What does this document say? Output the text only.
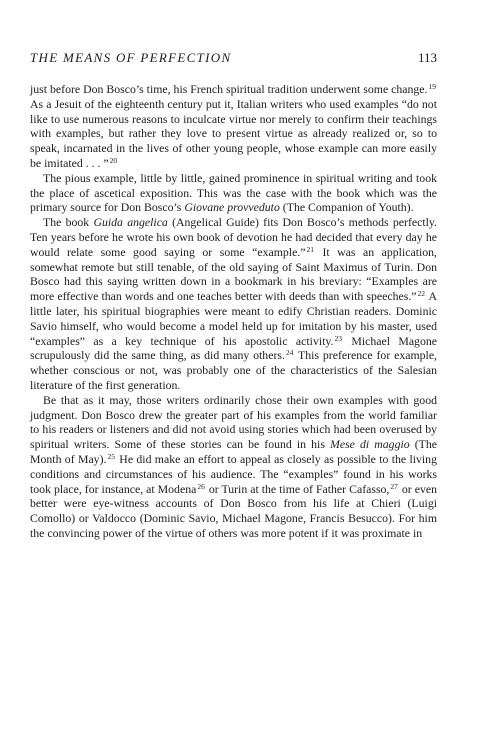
THE MEANS OF PERFECTION	113

just before Don Bosco’s time, his French spiritual tradition underwent some change.$^{19}$ As a Jesuit of the eighteenth century put it, Italian writers who used examples “do not like to use numerous reasons to inculcate virtue nor merely to confirm their teachings with examples, but rather they love to present virtue as already realized or, so to speak, incarnated in the lives of other young people, whose example can more easily be imitated . . . ”$^{20}$

The pious example, little by little, gained prominence in spiritual writing and took the place of ascetical exposition. This was the case with the book which was the primary source for Don Bosco’s Giovane provveduto (The Companion of Youth).

The book Guida angelica (Angelical Guide) fits Don Bosco’s methods perfectly. Ten years before he wrote his own book of devotion he had decided that every day he would relate some good saying or some “example.”$^{21}$ It was an application, somewhat remote but still tenable, of the old saying of Saint Maximus of Turin. Don Bosco had this saying written down in a bookmark in his breviary: “Examples are more effective than words and one teaches better with deeds than with speeches.”$^{22}$ A little later, his spiritual biographies were meant to edify Christian readers. Dominic Savio himself, who would become a model held up for imitation by his master, used “examples” as a key technique of his apostolic activity.$^{23}$ Michael Magone scrupulously did the same thing, as did many others.$^{24}$ This preference for example, whether conscious or not, was probably one of the characteristics of the Salesian literature of the first generation.

Be that as it may, those writers ordinarily chose their own examples with good judgment. Don Bosco drew the greater part of his examples from the world familiar to his readers or listeners and did not avoid using stories which had been overused by spiritual writers. Some of these stories can be found in his Mese di maggio (The Month of May).$^{25}$ He did make an effort to appeal as closely as possible to the living conditions and circumstances of his audience. The “examples” found in his works took place, for instance, at Modena$^{26}$ or Turin at the time of Father Cafasso,$^{27}$ or even better were eye-witness accounts of Don Bosco from his life at Chieri (Luigi Comollo) or Valdocco (Dominic Savio, Michael Magone, Francis Besucco). For him the convincing power of the virtue of others was more potent if it was proximate in
